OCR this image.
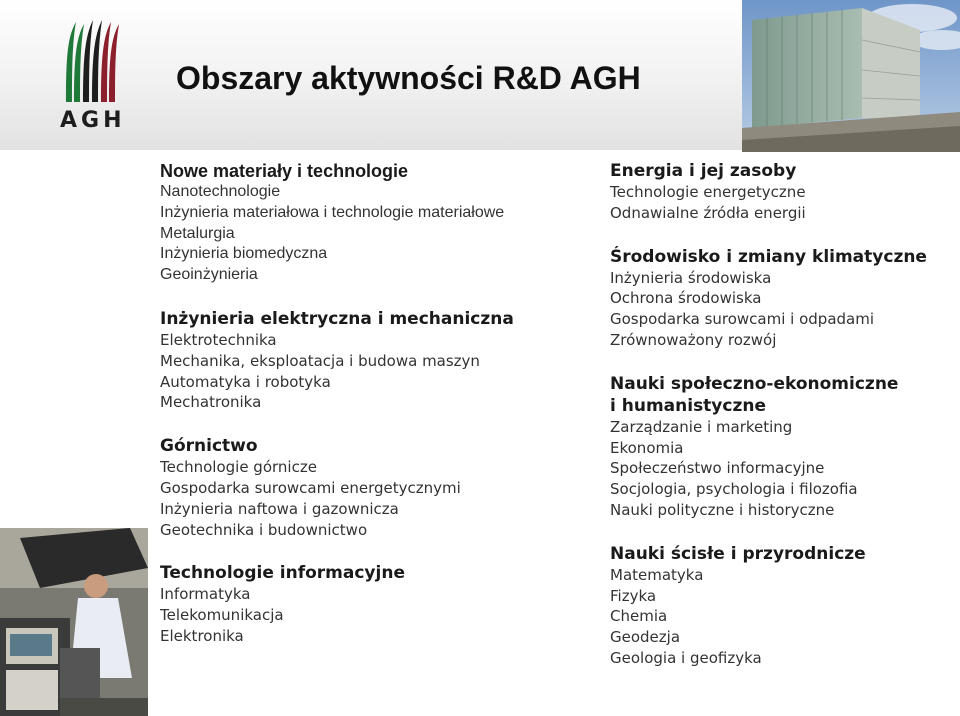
AGH
Obszary aktywności R&D AGH
Nowe materiały i technologie
Nanotechnologie
Inżynieria materiałowa i technologie materiałowe
Metalurgia
Inżynieria biomedyczna
Geoinżynieria
Inżynieria elektryczna i mechaniczna
Elektrotechnika
Mechanika, eksploatacja i budowa maszyn
Automatyka i robotyka
Mechatronika
Górnictwo
Technologie górnicze
Gospodarka surowcami energetycznymi
Inżynieria naftowa i gazownicza
Geotechnika i budownictwo
Technologie informacyjne
Informatyka
Telekomunikacja
Elektronika
Energia i jej zasoby
Technologie energetyczne
Odnawialne źródła energii
Środowisko i zmiany klimatyczne
Inżynieria środowiska
Ochrona środowiska
Gospodarka surowcami i odpadami
Zrównoważony rozwój
Nauki społeczno-ekonomiczne
i humanistyczne
Zarządzanie i marketing
Ekonomia
Społeczeństwo informacyjne
Socjologia, psychologia i filozofia
Nauki polityczne i historyczne
Nauki ścisłe i przyrodnicze
Matematyka
Fizyka
Chemia
Geodezja
Geologia i geofizyka
